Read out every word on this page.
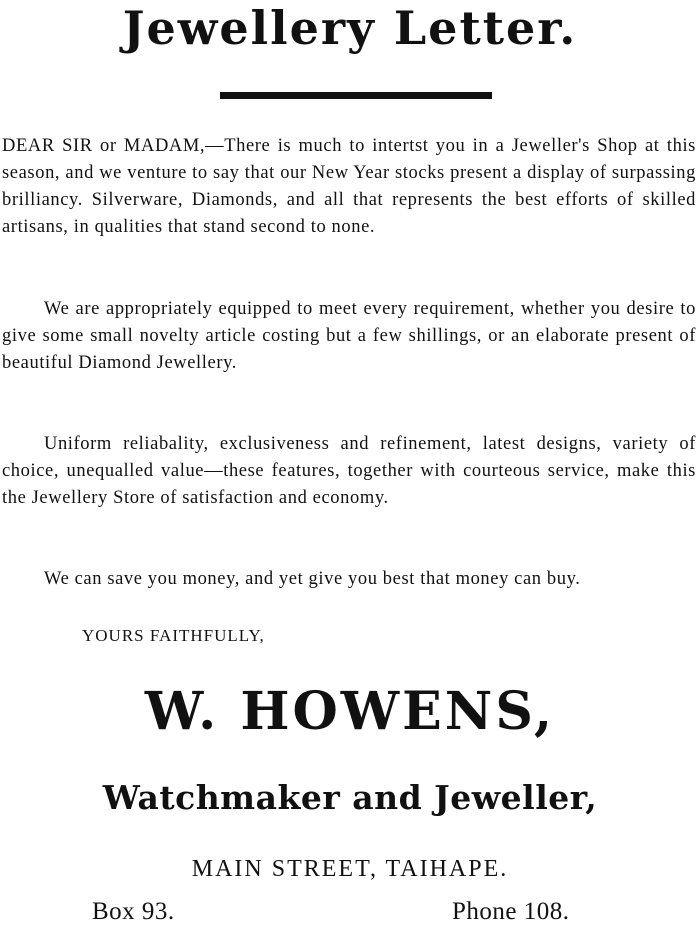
Jewellery Letter.

DEAR SIR or MADAM,—There is much to intertst you in a Jeweller's Shop at this season, and we venture to say that our New Year stocks present a display of surpassing brilliancy. Silverware, Diamonds, and all that represents the best efforts of skilled artisans, in qualities that stand second to none.

We are appropriately equipped to meet every requirement, whether you desire to give some small novelty article costing but a few shillings, or an elaborate present of beautiful Diamond Jewellery.

Uniform reliabality, exclusiveness and refinement, latest designs, variety of choice, unequalled value—these features, together with courteous service, make this the Jewellery Store of satisfaction and economy.

We can save you money, and yet give you best that money can buy.

YOURS FAITHFULLY,
W. HOWENS,
Watchmaker and Jeweller,
MAIN STREET, TAIHAPE.
Box 93.	Phone 108.
